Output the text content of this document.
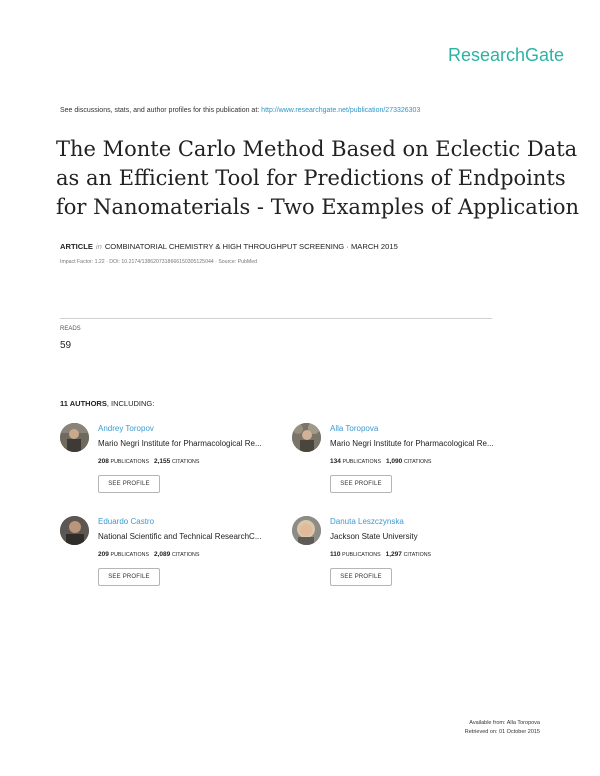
ResearchGate
See discussions, stats, and author profiles for this publication at: http://www.researchgate.net/publication/273326303
The Monte Carlo Method Based on Eclectic Data
as an Efficient Tool for Predictions of Endpoints
for Nanomaterials - Two Examples of Application
ARTICLE in COMBINATORIAL CHEMISTRY & HIGH THROUGHPUT SCREENING · MARCH 2015
Impact Factor: 1.22 · DOI: 10.2174/1386207318666150305125044 · Source: PubMed
READS
59
11 AUTHORS, INCLUDING:
Andrey Toropov
Mario Negri Institute for Pharmacological Re...
208 PUBLICATIONS 2,155 CITATIONS
SEE PROFILE
Alla Toropova
Mario Negri Institute for Pharmacological Re...
134 PUBLICATIONS 1,090 CITATIONS
SEE PROFILE
Eduardo Castro
National Scientific and Technical ResearchC...
209 PUBLICATIONS 2,089 CITATIONS
SEE PROFILE
Danuta Leszczynska
Jackson State University
110 PUBLICATIONS 1,297 CITATIONS
SEE PROFILE
Available from: Alla Toropova
Retrieved on: 01 October 2015
